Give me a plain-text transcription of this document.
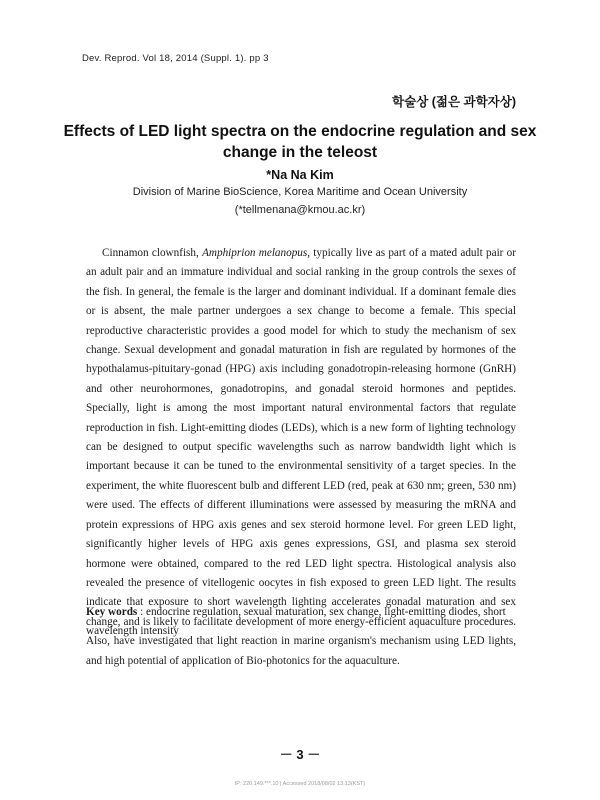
Dev. Reprod. Vol 18, 2014 (Suppl. 1). pp 3
학술상 (젊은 과학자상)
Effects of LED light spectra on the endocrine regulation and sex change in the teleost
*Na Na Kim
Division of Marine BioScience, Korea Maritime and Ocean University
(*tellmenana@kmou.ac.kr)

Cinnamon clownfish, Amphiprion melanopus, typically live as part of a mated adult pair or an adult pair and an immature individual and social ranking in the group controls the sexes of the fish. In general, the female is the larger and dominant individual. If a dominant female dies or is absent, the male partner undergoes a sex change to become a female. This special reproductive characteristic provides a good model for which to study the mechanism of sex change. Sexual development and gonadal maturation in fish are regulated by hormones of the hypothalamus-pituitary-gonad (HPG) axis including gonadotropin-releasing hormone (GnRH) and other neurohormones, gonadotropins, and gonadal steroid hormones and peptides. Specially, light is among the most important natural environmental factors that regulate reproduction in fish. Light-emitting diodes (LEDs), which is a new form of lighting technology can be designed to output specific wavelengths such as narrow bandwidth light which is important because it can be tuned to the environmental sensitivity of a target species. In the experiment, the white fluorescent bulb and different LED (red, peak at 630 nm; green, 530 nm) were used. The effects of different illuminations were assessed by measuring the mRNA and protein expressions of HPG axis genes and sex steroid hormone level. For green LED light, significantly higher levels of HPG axis genes expressions, GSI, and plasma sex steroid hormone were obtained, compared to the red LED light spectra. Histological analysis also revealed the presence of vitellogenic oocytes in fish exposed to green LED light. The results indicate that exposure to short wavelength lighting accelerates gonadal maturation and sex change, and is likely to facilitate development of more energy-efficient aquaculture procedures. Also, have investigated that light reaction in marine organism's mechanism using LED lights, and high potential of application of Bio-photonics for the aquaculture.

Key words : endocrine regulation, sexual maturation, sex change, light-emitting diodes, short wavelength intensity

－ 3 －
IP: 220.149.***.10 | Accessed 2018/08/02 13:13(KST)
